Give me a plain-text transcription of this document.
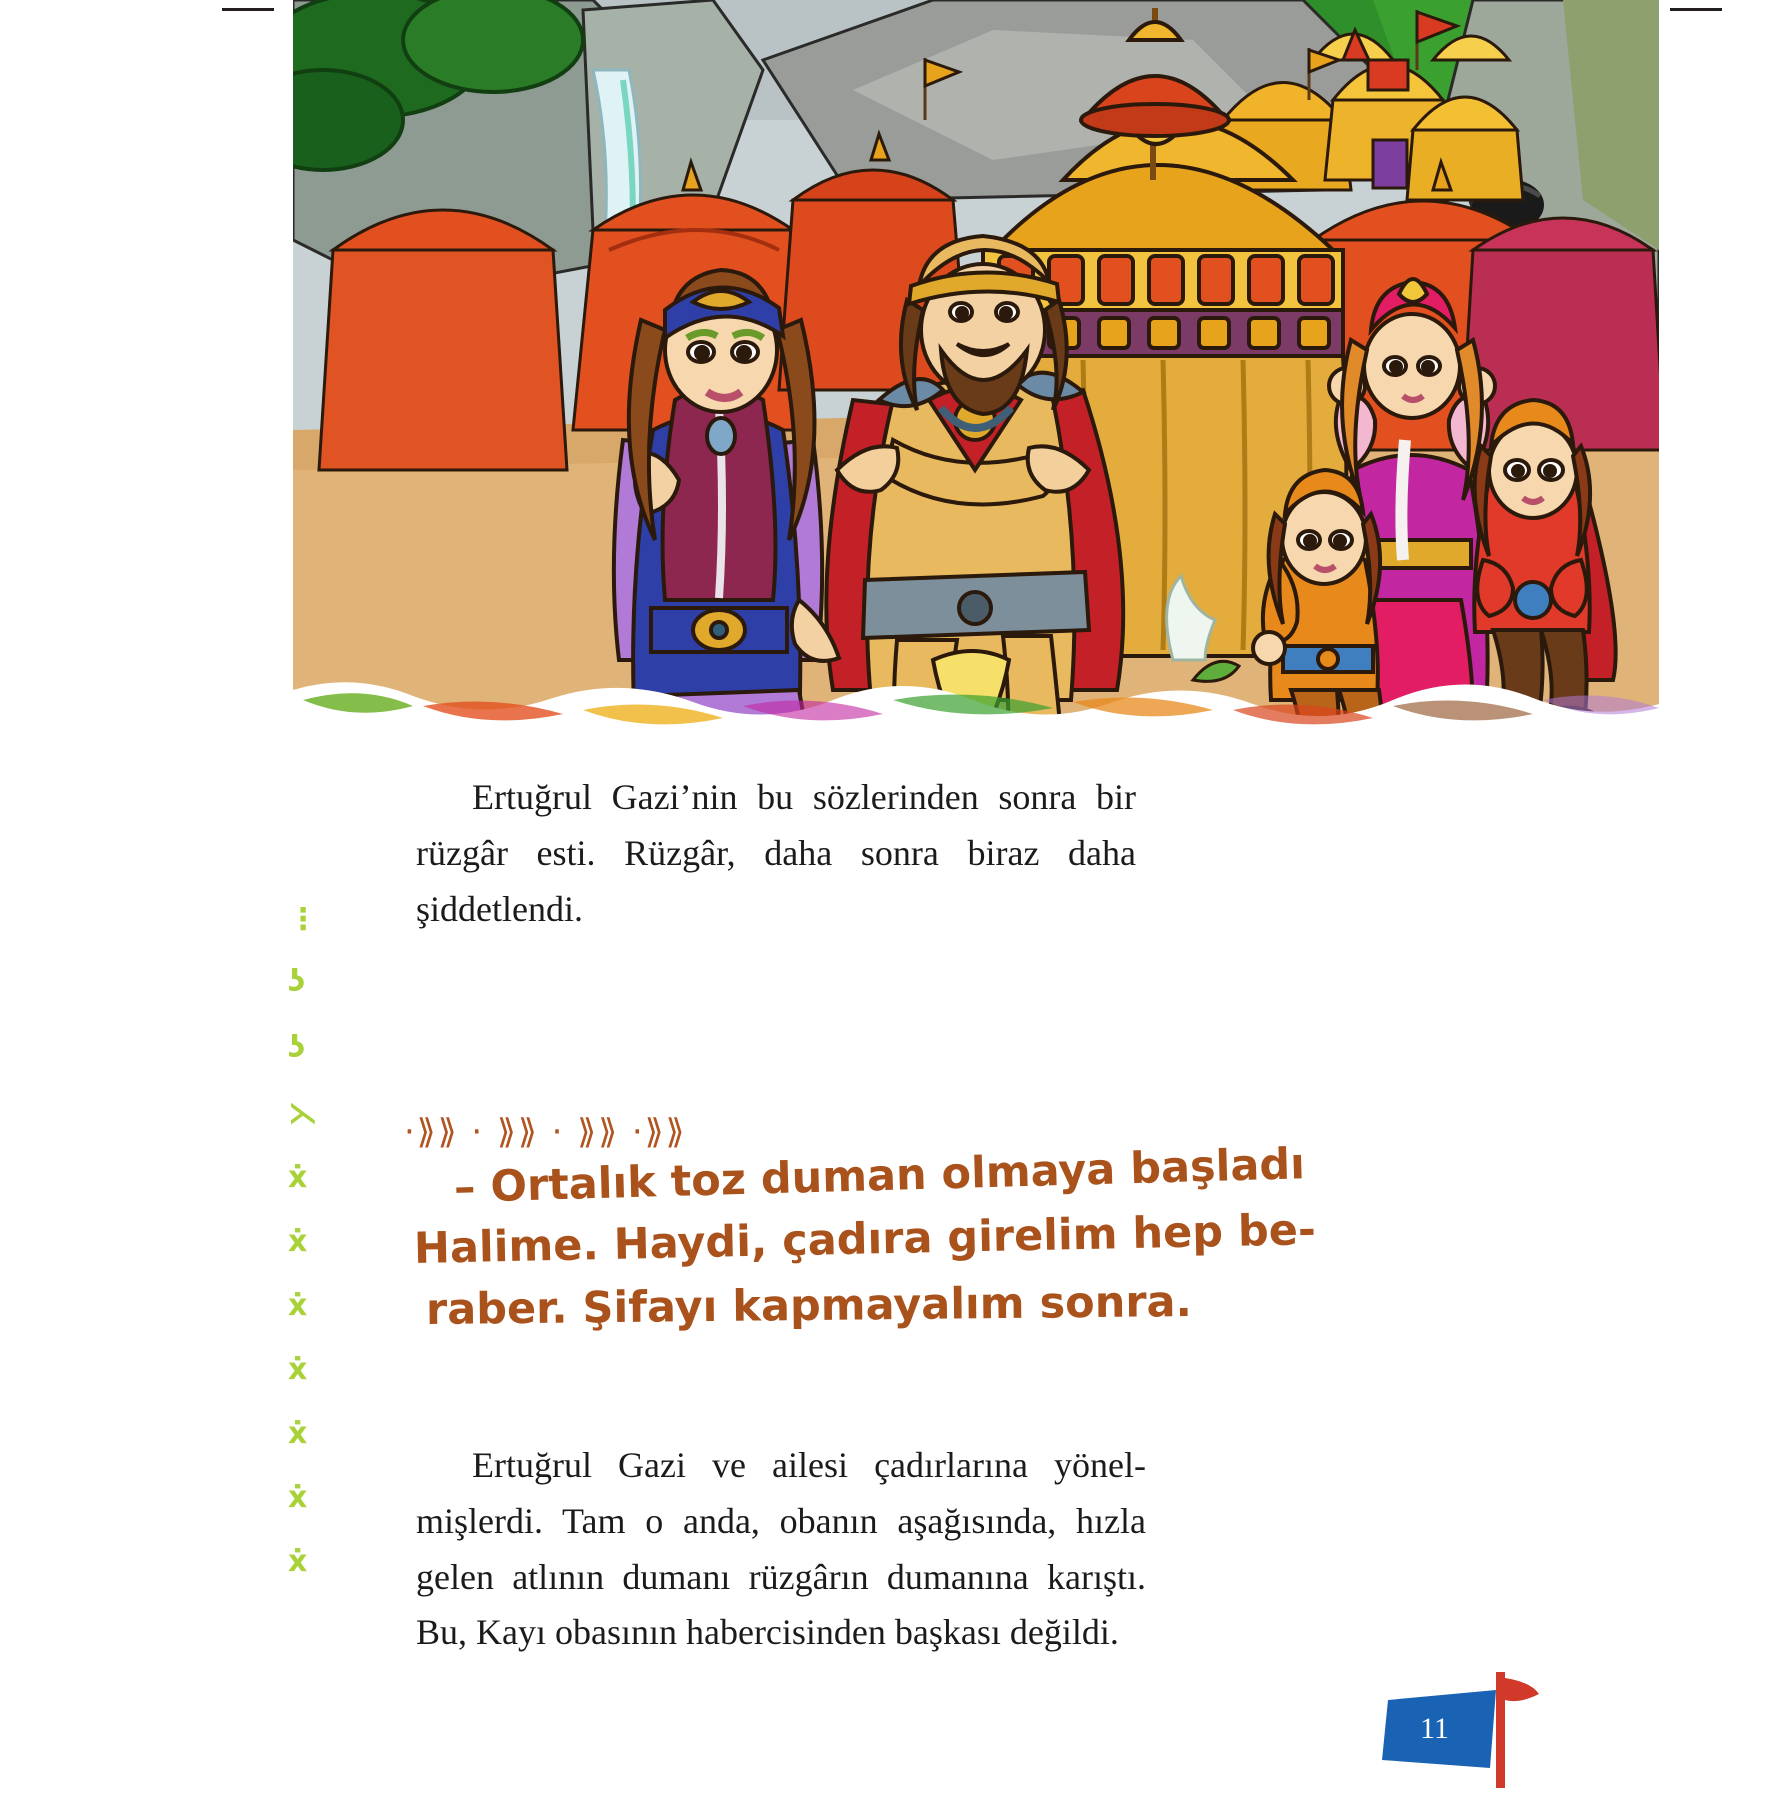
Ertuğrul Gazi’nin bu sözlerinden sonra bir rüzgâr esti. Rüzgâr, daha sonra biraz daha şiddetlendi.

·⟫⟫ · ⟫⟫ · ⟫⟫ ·⟫⟫
– Ortalık toz duman olmaya başladı
Halime. Haydi, çadıra girelim hep be-
raber. Şifayı kapmayalım sonra.

Ertuğrul Gazi ve ailesi çadırlarına yönelmişlerdi. Tam o anda, obanın aşağısında, hızla gelen atlının dumanı rüzgârın dumanına karıştı. Bu, Kayı obasının habercisinden başkası değildi.

⋮
ʖ
ʖ
⋋
ẋ
ẋ
ẋ
ẋ
ẋ
ẋ
ẋ
11
